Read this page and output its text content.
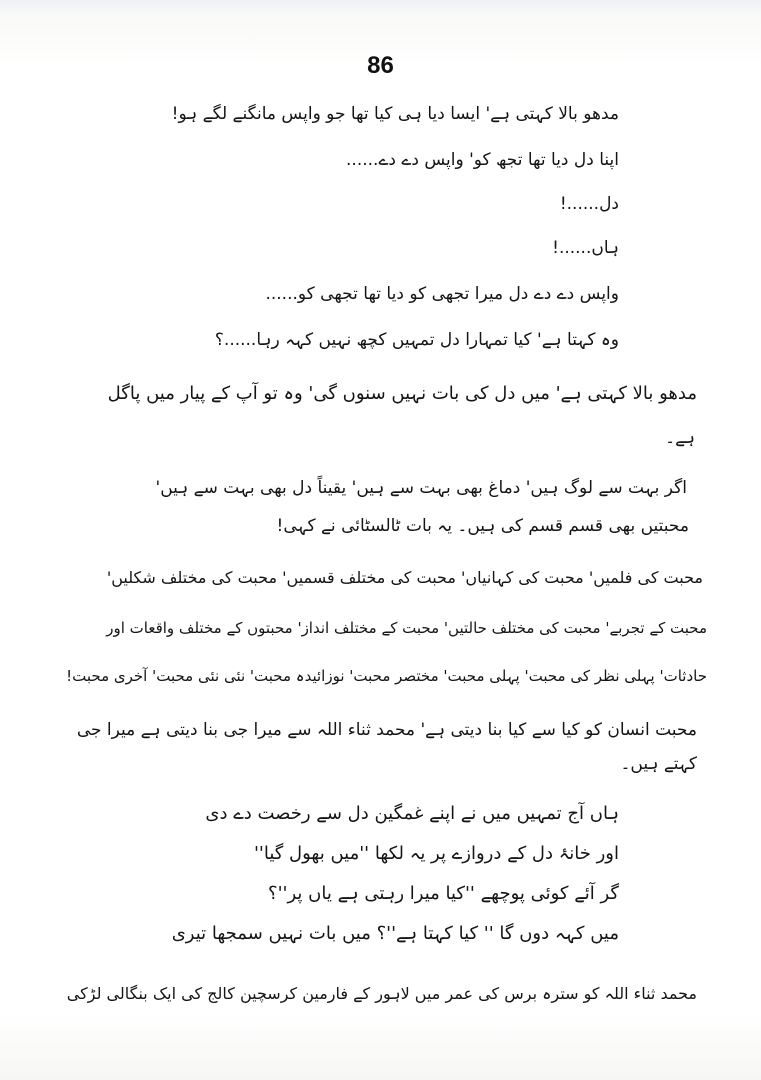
86
مدھو بالا کہتی ہے' ایسا دیا ہی کیا تھا جو واپس مانگنے لگے ہو!
اپنا دل دیا تھا تجھ کو' واپس دے دے......
دل......!
ہاں......!
واپس دے دے دل میرا تجھی کو دیا تھا تجھی کو......
وہ کہتا ہے' کیا تمہارا دل تمہیں کچھ نہیں کہہ رہا......؟
مدھو بالا کہتی ہے' میں دل کی بات نہیں سنوں گی' وہ تو آپ کے پیار میں پاگل
ہے۔
اگر بہت سے لوگ ہیں' دماغ بھی بہت سے ہیں' یقیناً دل بھی بہت سے ہیں'
محبتیں بھی قسم قسم کی ہیں۔ یہ بات ٹالسٹائی نے کہی!
محبت کی فلمیں' محبت کی کہانیاں' محبت کی مختلف قسمیں' محبت کی مختلف شکلیں'
محبت کے تجربے' محبت کی مختلف حالتیں' محبت کے مختلف انداز' محبتوں کے مختلف واقعات اور
حادثات' پہلی نظر کی محبت' پہلی محبت' مختصر محبت' نوزائیدہ محبت' نئی نئی محبت' آخری محبت!
محبت انسان کو کیا سے کیا بنا دیتی ہے' محمد ثناء اللہ سے میرا جی بنا دیتی ہے میرا جی
کہتے ہیں۔
ہاں آج تمہیں میں نے اپنے غمگین دل سے رخصت دے دی
اور خانۂ دل کے دروازے پر یہ لکھا ''میں بھول گیا''
گر آئے کوئی پوچھے ''کیا میرا رہتی ہے یاں پر''؟
میں کہہ دوں گا '' کیا کہتا ہے''؟ میں بات نہیں سمجھا تیری
محمد ثناء اللہ کو سترہ برس کی عمر میں لاہور کے فارمین کرسچین کالج کی ایک بنگالی لڑکی
